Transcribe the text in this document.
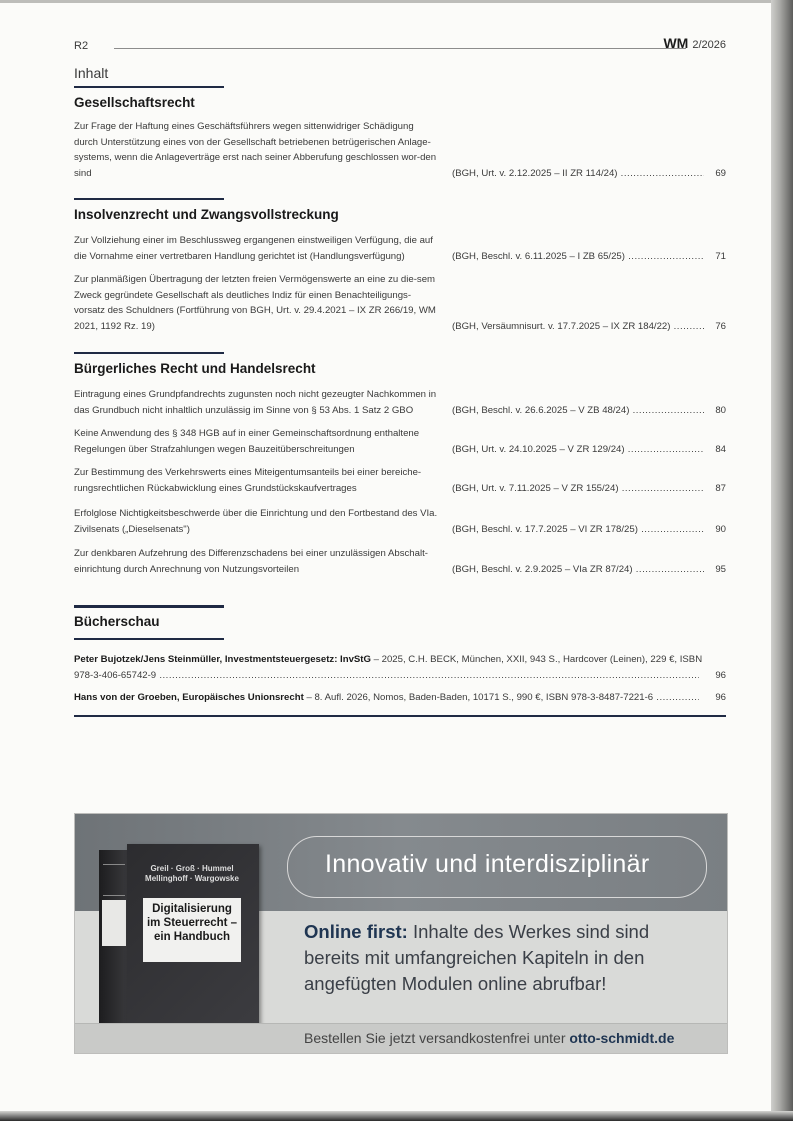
R2	WM 2/2026
Inhalt
Gesellschaftsrecht
Zur Frage der Haftung eines Geschäftsführers wegen sittenwidriger Schädigung durch Unterstützung eines von der Gesellschaft betriebenen betrügerischen Anlage-systems, wenn die Anlageverträge erst nach seiner Abberufung geschlossen wor-den sind	(BGH, Urt. v. 2.12.2025 – II ZR 114/24) .....	69
Insolvenzrecht und Zwangsvollstreckung
Zur Vollziehung einer im Beschlussweg ergangenen einstweiligen Verfügung, die auf die Vornahme einer vertretbaren Handlung gerichtet ist (Handlungsverfügung)	(BGH, Beschl. v. 6.11.2025 – I ZB 65/25) .....	71
Zur planmäßigen Übertragung der letzten freien Vermögenswerte an eine zu die-sem Zweck gegründete Gesellschaft als deutliches Indiz für einen Benachteiligungs-vorsatz des Schuldners (Fortführung von BGH, Urt. v. 29.4.2021 – IX ZR 266/19, WM 2021, 1192 Rz. 19)	(BGH, Versäumnisurt. v. 17.7.2025 – IX ZR 184/22) .....	76
Bürgerliches Recht und Handelsrecht
Eintragung eines Grundpfandrechts zugunsten noch nicht gezeugter Nachkommen in das Grundbuch nicht inhaltlich unzulässig im Sinne von § 53 Abs. 1 Satz 2 GBO	(BGH, Beschl. v. 26.6.2025 – V ZB 48/24) .....	80
Keine Anwendung des § 348 HGB auf in einer Gemeinschaftsordnung enthaltene Regelungen über Strafzahlungen wegen Bauzeitüberschreitungen	(BGH, Urt. v. 24.10.2025 – V ZR 129/24) .....	84
Zur Bestimmung des Verkehrswerts eines Miteigentumsanteils bei einer bereiche-rungsrechtlichen Rückabwicklung eines Grundstückskaufvertrages	(BGH, Urt. v. 7.11.2025 – V ZR 155/24) .....	87
Erfolglose Nichtigkeitsbeschwerde über die Einrichtung und den Fortbestand des VIa. Zivilsenats („Dieselsenats")	(BGH, Beschl. v. 17.7.2025 – VI ZR 178/25) .....	90
Zur denkbaren Aufzehrung des Differenzschadens bei einer unzulässigen Abschalt-einrichtung durch Anrechnung von Nutzungsvorteilen	(BGH, Beschl. v. 2.9.2025 – VIa ZR 87/24) .....	95
Bücherschau
Peter Bujotzek/Jens Steinmüller, Investmentsteuergesetz: InvStG – 2025, C.H. BECK, München, XXII, 943 S., Hardcover (Leinen), 229 €, ISBN
978-3-406-65742-9 .....	96
Hans von der Groeben, Europäisches Unionsrecht – 8. Aufl. 2026, Nomos, Baden-Baden, 10171 S., 990 €, ISBN 978-3-8487-7221-6 .....	96
Innovativ und interdisziplinär
Greil · Groß · Hummel Mellinghoff · Wargowske
Digitalisierung im Steuerrecht – ein Handbuch	Online first: Inhalte des Werkes sind sind bereits mit umfangreichen Kapiteln in den angefügten Modulen online abrufbar!
Bestellen Sie jetzt versandkostenfrei unter otto-schmidt.de
